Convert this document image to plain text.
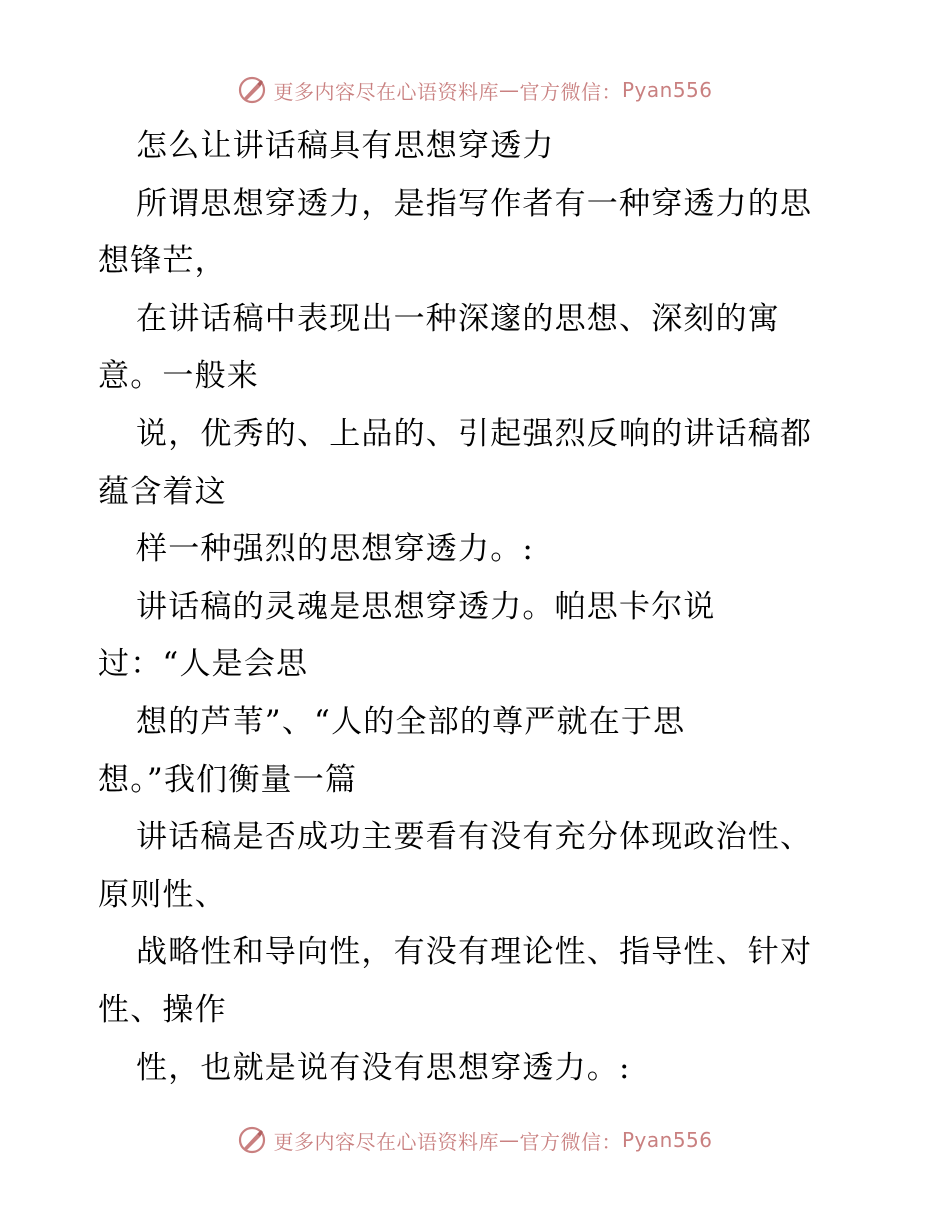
更多内容尽在心语资料库 — 官方微信： Pyan556
怎么让讲话稿具有思想穿透力
所谓思想穿透力，是指写作者有一种穿透力的思
想锋芒，
在讲话稿中表现出一种深邃的思想、深刻的寓
意。一般来
说，优秀的、上品的、引起强烈反响的讲话稿都
蕴含着这
样一种强烈的思想穿透力。:
讲话稿的灵魂是思想穿透力。帕思卡尔说
过：“人是会思
想的芦苇”、“人的全部的尊严就在于思
想。”我们衡量一篇
讲话稿是否成功主要看有没有充分体现政治性、
原则性、
战略性和导向性，有没有理论性、指导性、针对
性、操作
性，也就是说有没有思想穿透力。:
更多内容尽在心语资料库 — 官方微信： Pyan556
